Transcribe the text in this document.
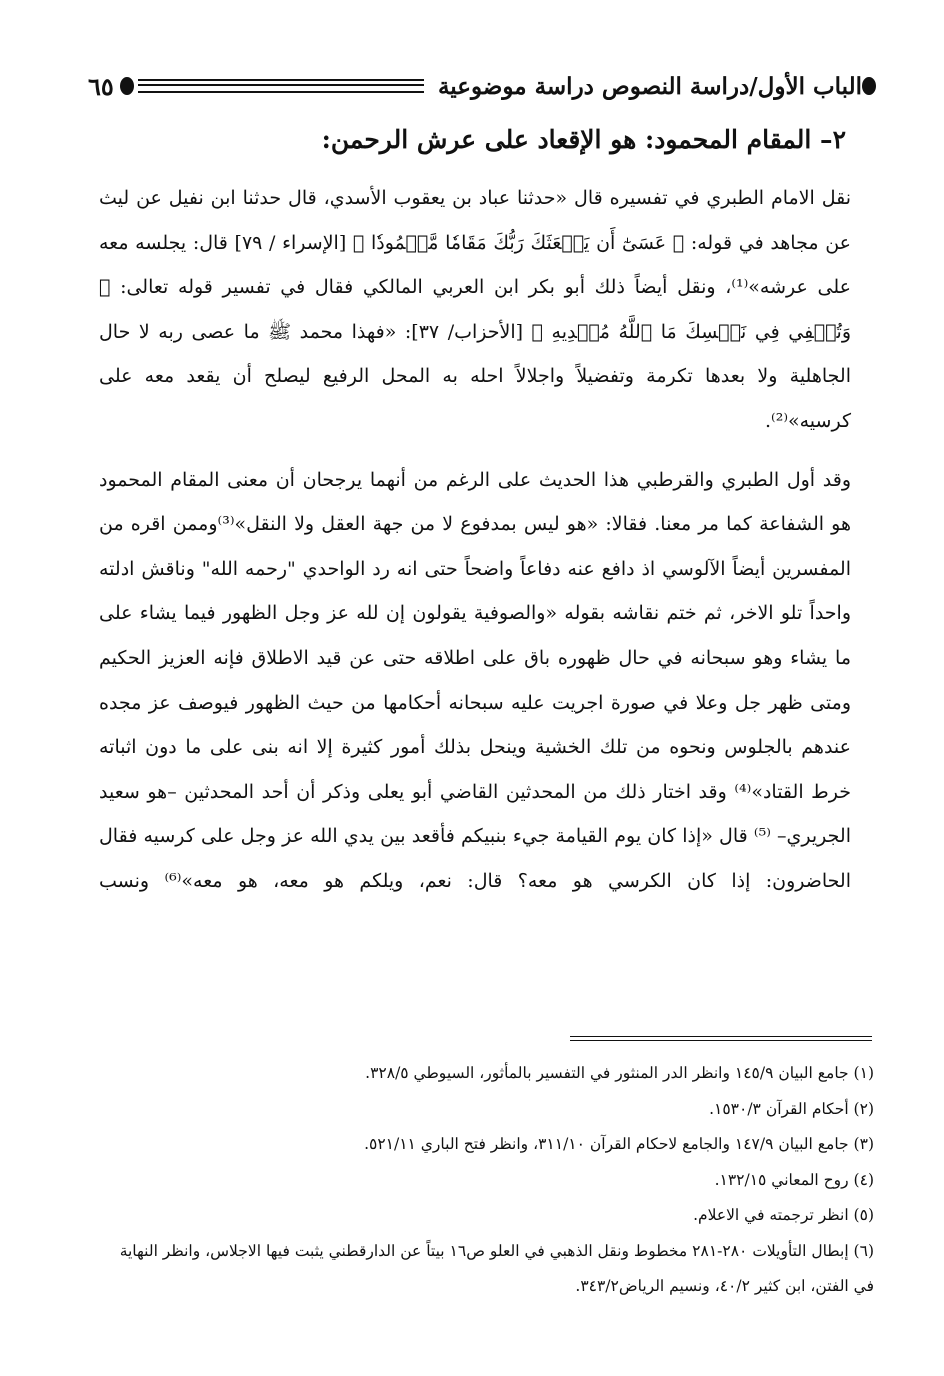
الباب الأول/دراسة النصوص دراسة موضوعية
٦٥
٢– المقام المحمود: هو الإقعاد على عرش الرحمن:

نقل الامام الطبري في تفسيره قال «حدثنا عباد بن يعقوب الأسدي، قال حدثنا ابن نفيل عن ليث عن مجاهد في قوله: ﴿ عَسَىٰٓ أَن يَبۡعَثَكَ رَبُّكَ مَقَامٗا مَّحۡمُودٗا ﴾ [الإسراء / ٧٩] قال: يجلسه معه على عرشه»⁽¹⁾، ونقل أيضاً ذلك أبو بكر ابن العربي المالكي فقال في تفسير قوله تعالى: ﴿ وَتُخۡفِي فِي نَفۡسِكَ مَا ٱللَّهُ مُبۡدِيهِ ﴾ [الأحزاب/ ٣٧]: «فهذا محمد ﷺ ما عصى ربه لا حال الجاهلية ولا بعدها تكرمة وتفضيلاً واجلالاً احله به المحل الرفيع ليصلح أن يقعد معه على كرسيه»⁽²⁾.

وقد أول الطبري والقرطبي هذا الحديث على الرغم من أنهما يرجحان أن معنى المقام المحمود هو الشفاعة كما مر معنا. فقالا: «هو ليس بمدفوع لا من جهة العقل ولا النقل»⁽³⁾وممن اقره من المفسرين أيضاً الآلوسي اذ دافع عنه دفاعاً واضحاً حتى انه رد الواحدي "رحمه الله" وناقش ادلته واحداً تلو الاخر، ثم ختم نقاشه بقوله «والصوفية يقولون إن لله عز وجل الظهور فيما يشاء على ما يشاء وهو سبحانه في حال ظهوره باق على اطلاقه حتى عن قيد الاطلاق فإنه العزيز الحكيم ومتى ظهر جل وعلا في صورة اجريت عليه سبحانه أحكامها من حيث الظهور فيوصف عز مجده عندهم بالجلوس ونحوه من تلك الخشية وينحل بذلك أمور كثيرة إلا انه بنى على ما دون اثباته خرط القتاد»⁽⁴⁾ وقد اختار ذلك من المحدثين القاضي أبو يعلى وذكر أن أحد المحدثين –هو سعيد الجريري– ⁽⁵⁾ قال «إذا كان يوم القيامة جيء بنبيكم فأقعد بين يدي الله عز وجل على كرسيه فقال الحاضرون: إذا كان الكرسي هو معه؟ قال: نعم، ويلكم هو معه، هو معه»⁽⁶⁾ ونسب

(١) جامع البيان ١٤٥/٩ وانظر الدر المنثور في التفسير بالمأثور، السيوطي ٣٢٨/٥.
(٢) أحكام القرآن ١٥٣٠/٣.
(٣) جامع البيان ١٤٧/٩ والجامع لاحكام القرآن ٣١١/١٠، وانظر فتح الباري ٥٢١/١١.
(٤) روح المعاني ١٣٢/١٥.
(٥) انظر ترجمته في الاعلام.
(٦) إبطال التأويلات ٢٨٠-٢٨١ مخطوط ونقل الذهبي في العلو ص١٦ بيتاً عن الدارقطني يثبت فيها الاجلاس، وانظر النهاية في الفتن، ابن كثير ٤٠/٢، ونسيم الرياض٣٤٣/٢.
